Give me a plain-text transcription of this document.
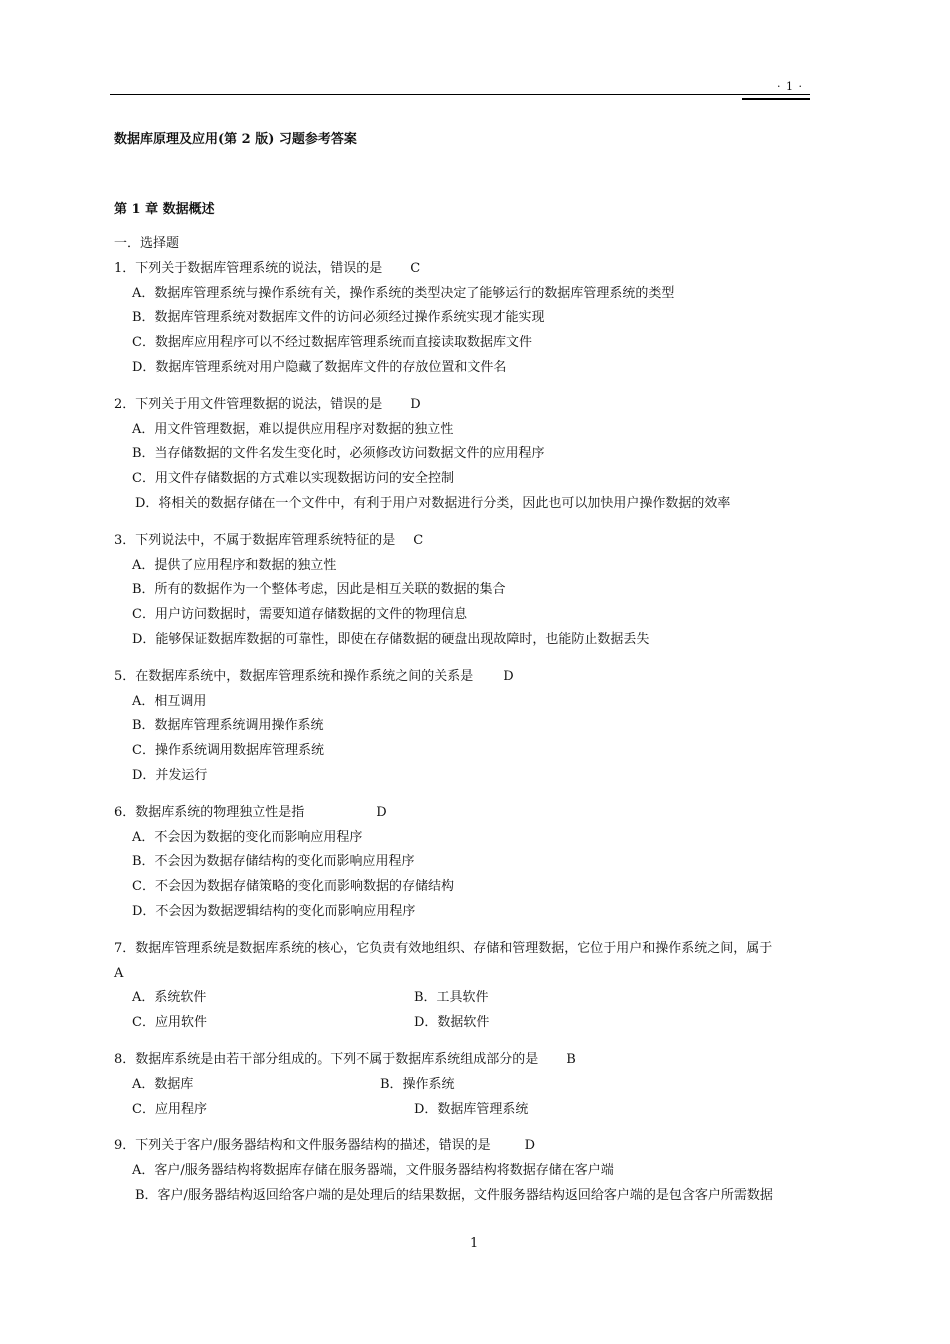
· 1 ·
数据库原理及应用(第 2 版) 习题参考答案
第 1 章 数据概述
一．选择题
1．下列关于数据库管理系统的说法，错误的是 C
A．数据库管理系统与操作系统有关，操作系统的类型决定了能够运行的数据库管理系统的类型
B．数据库管理系统对数据库文件的访问必须经过操作系统实现才能实现
C．数据库应用程序可以不经过数据库管理系统而直接读取数据库文件
D．数据库管理系统对用户隐藏了数据库文件的存放位置和文件名
2．下列关于用文件管理数据的说法，错误的是 D
A．用文件管理数据，难以提供应用程序对数据的独立性
B．当存储数据的文件名发生变化时，必须修改访问数据文件的应用程序
C．用文件存储数据的方式难以实现数据访问的安全控制
D．将相关的数据存储在一个文件中，有利于用户对数据进行分类，因此也可以加快用户操作数据的效率
3．下列说法中，不属于数据库管理系统特征的是 C
A．提供了应用程序和数据的独立性
B．所有的数据作为一个整体考虑，因此是相互关联的数据的集合
C．用户访问数据时，需要知道存储数据的文件的物理信息
D．能够保证数据库数据的可靠性，即使在存储数据的硬盘出现故障时，也能防止数据丢失
5．在数据库系统中，数据库管理系统和操作系统之间的关系是 D
A．相互调用
B．数据库管理系统调用操作系统
C．操作系统调用数据库管理系统
D．并发运行
6．数据库系统的物理独立性是指	D
A．不会因为数据的变化而影响应用程序
B．不会因为数据存储结构的变化而影响应用程序
C．不会因为数据存储策略的变化而影响数据的存储结构
D．不会因为数据逻辑结构的变化而影响应用程序
7．数据库管理系统是数据库系统的核心，它负责有效地组织、存储和管理数据，它位于用户和操作系统之间，属于
A
A．系统软件	B．工具软件
C．应用软件	D．数据软件
8．数据库系统是由若干部分组成的。下列不属于数据库系统组成部分的是 B
A．数据库	B．操作系统
C．应用程序	D．数据库管理系统
9．下列关于客户/服务器结构和文件服务器结构的描述，错误的是	D
A．客户/服务器结构将数据库存储在服务器端，文件服务器结构将数据存储在客户端
B．客户/服务器结构返回给客户端的是处理后的结果数据，文件服务器结构返回给客户端的是包含客户所需数据
1
